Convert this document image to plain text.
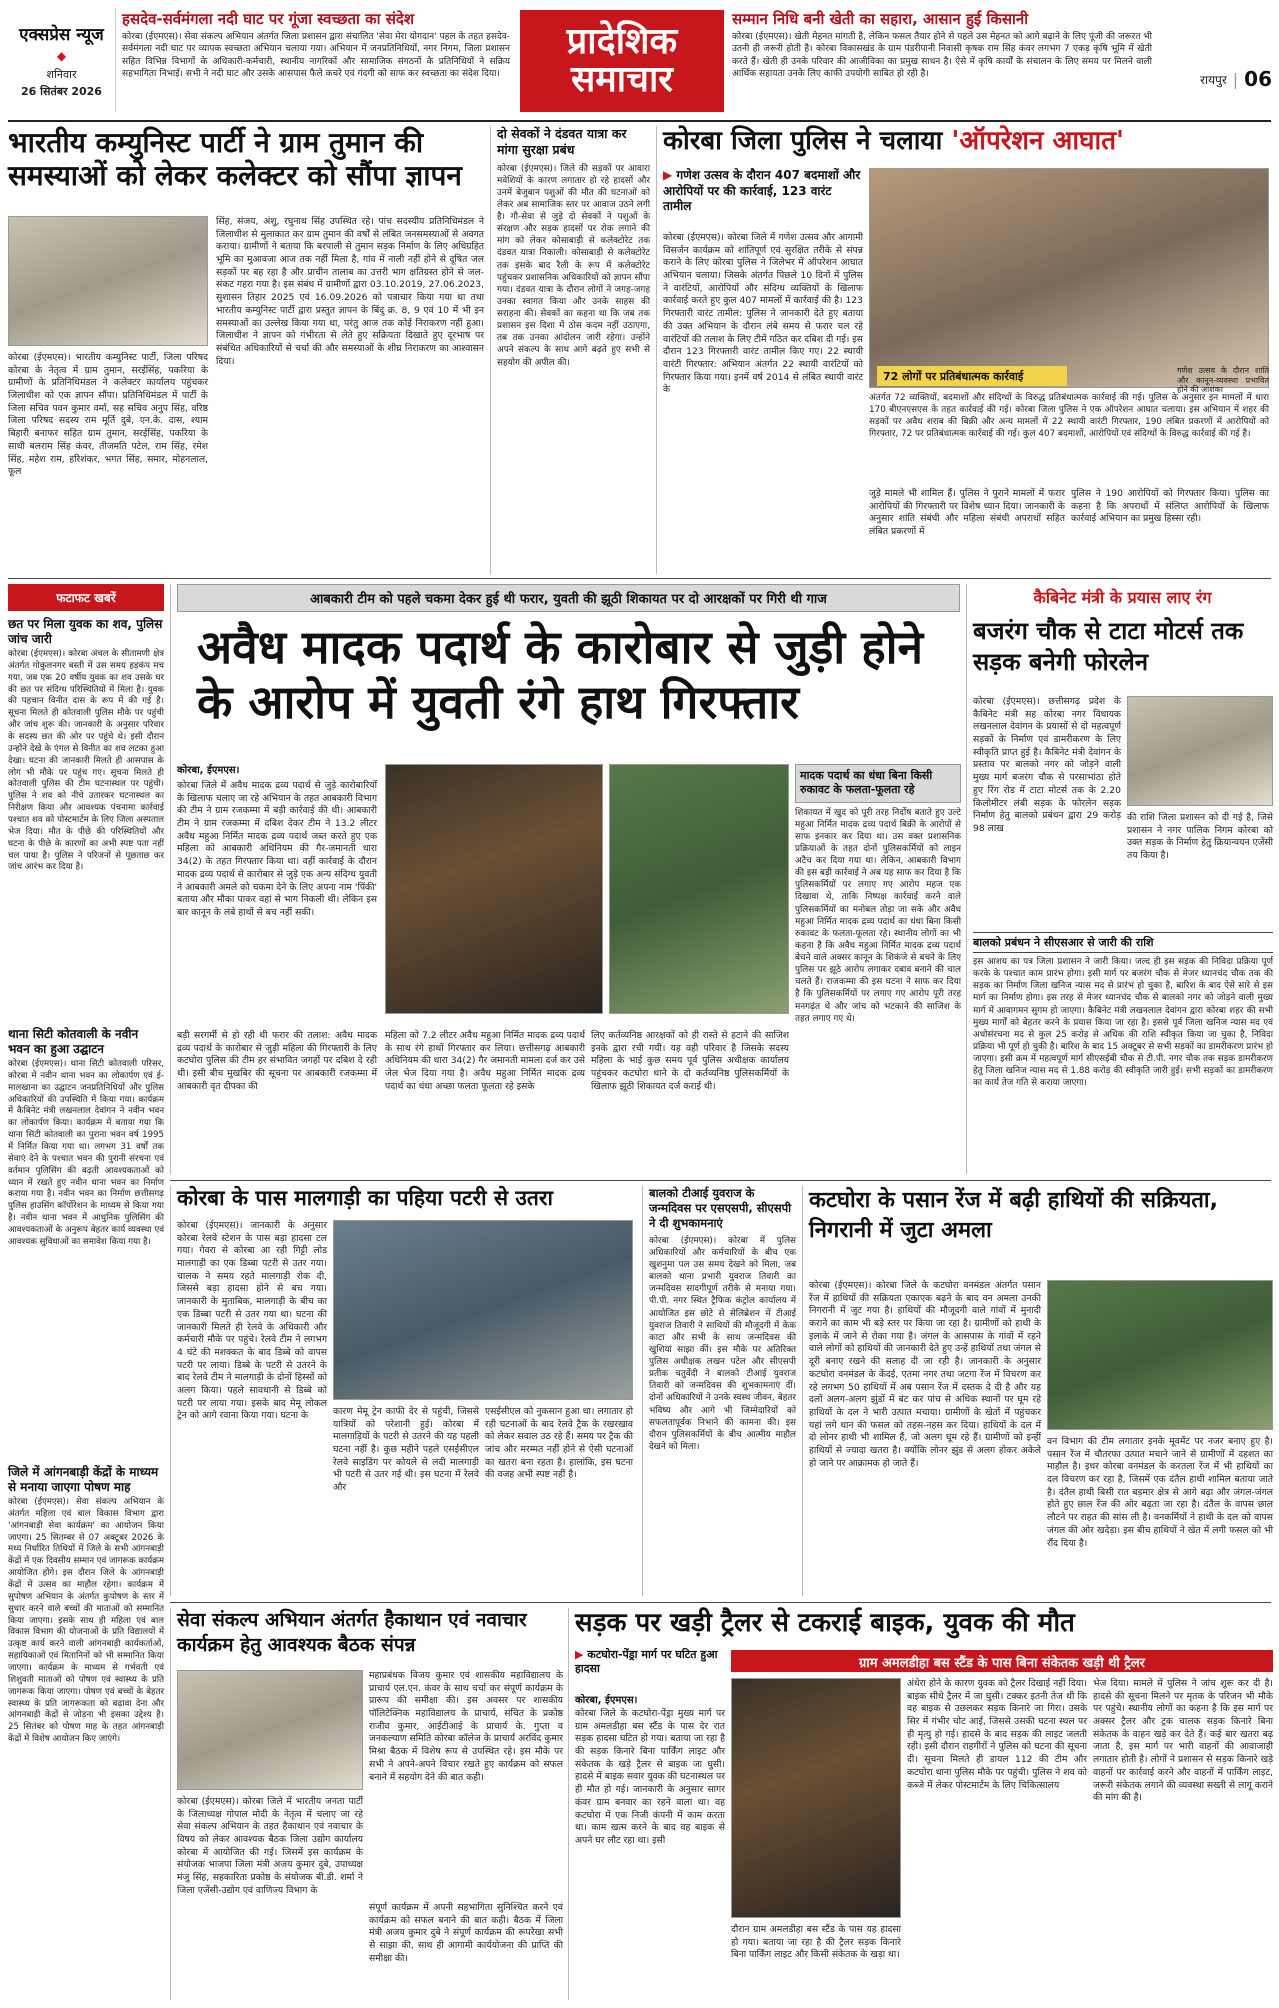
एक्सप्रेस न्यूज
◆
शनिवार
26 सितंबर 2026
हसदेव-सर्वमंगला नदी घाट पर गूंजा स्वच्छता का संदेश
कोरबा (ईएमएस)। सेवा संकल्प अभियान अंतर्गत जिला प्रशासन द्वारा संचालित 'सेवा मेरा योगदान' पहल के तहत हसदेव-सर्वमंगला नदी घाट पर व्यापक स्वच्छता अभियान चलाया गया। अभियान में जनप्रतिनिधियों, नगर निगम, जिला प्रशासन सहित विभिन्न विभागों के अधिकारी-कर्मचारी, स्थानीय नागरिकों और सामाजिक संगठनों के प्रतिनिधियों ने सक्रिय सहभागिता निभाई। सभी ने नदी घाट और उसके आसपास फैले कचरे एवं गंदगी को साफ कर स्वच्छता का संदेश दिया।
प्रादेशिक समाचार
सम्मान निधि बनी खेती का सहारा, आसान हुई किसानी
कोरबा (ईएमएस)। खेती मेहनत मांगती है, लेकिन फसल तैयार होने से पहले उस मेहनत को आगे बढ़ाने के लिए पूंजी की जरूरत भी उतनी ही जरूरी होती है। कोरबा विकासखंड के ग्राम पंडरीपानी निवासी कृषक राम सिंह कंवर लगभग 7 एकड़ कृषि भूमि में खेती करते हैं। खेती ही उनके परिवार की आजीविका का प्रमुख साधन है। ऐसे में कृषि कार्यों के संचालन के लिए समय पर मिलने वाली आर्थिक सहायता उनके लिए काफी उपयोगी साबित हो रही है।	रायपुर | 06
भारतीय कम्युनिस्ट पार्टी ने ग्राम तुमान की समस्याओं को लेकर कलेक्टर को सौंपा ज्ञापन
कोरबा (ईएमएस)। भारतीय कम्युनिस्ट पार्टी, जिला परिषद कोरबा के नेतृत्व में ग्राम तुमान, सरईसिंह, पकरिया के ग्रामीणों के प्रतिनिधिमंडल ने कलेक्टर कार्यालय पहुंचकर जिलाधीश को एक ज्ञापन सौंपा। प्रतिनिधिमंडल में पार्टी के जिला सचिव पवन कुमार वर्मा, सह सचिव अनुप सिंह, वरिष्ठ जिला परिषद सदस्य राम मूर्ति दुबे, एन.के. दास, श्याम बिहारी बनाफर सहित ग्राम तुमान, सरईसिंह, पकरिया के साथी बलराम सिंह कंवर, तीजमति पटेल, राम सिंह, रमेश सिंह, महेश राम, हरिशंकर, भगत सिंह, समार, मोहनलाल, फूल
सिंह, संजय, अंशु, रघुनाथ सिंह उपस्थित रहे। पांच सदस्यीय प्रतिनिधिमंडल ने जिलाधीश से मुलाकात कर ग्राम तुमान की वर्षों से लंबित जनसमस्याओं से अवगत कराया। ग्रामीणों ने बताया कि बरपाली से तुमान सड़क निर्माण के लिए अधिग्रहित भूमि का मुआवजा आज तक नहीं मिला है, गांव में नाली नहीं होने से दूषित जल सड़कों पर बह रहा है और प्राचीन तालाब का उत्तरी भाग क्षतिग्रस्त होने से जल-संकट गहरा गया है। इस संबंध में ग्रामीणों द्वारा 03.10.2019, 27.06.2023, सुशासन तिहार 2025 एवं 16.09.2026 को पत्राचार किया गया था तथा भारतीय कम्युनिस्ट पार्टी द्वारा प्रस्तुत ज्ञापन के बिंदु क्र. 8, 9 एवं 10 में भी इन समस्याओं का उल्लेख किया गया था, परंतु आज तक कोई निराकरण नहीं हुआ। जिलाधीश ने ज्ञापन को गंभीरता से लेते हुए सक्रियता दिखाते हुए दूरभाष पर संबंधित अधिकारियों से चर्चा की और समस्याओं के शीघ्र निराकरण का आश्वासन दिया।
दो सेवकों ने दंडवत यात्रा कर मांगा सुरक्षा प्रबंध
कोरबा (ईएमएस)। जिले की सड़कों पर आवारा मवेशियों के कारण लगातार हो रहे हादसों और उनमें बेजुबान पशुओं की मौत की घटनाओं को लेकर अब सामाजिक स्तर पर आवाज उठने लगी है। गौ-सेवा से जुड़े दो सेवकों ने पशुओं के संरक्षण और सड़क हादसों पर रोक लगाने की मांग को लेकर कोसाबाड़ी से कलेक्टोरेट तक दंडवत यात्रा निकाली। कोसाबाड़ी से कलेक्टोरेट तक इसके बाद रैली के रूप में कलेक्टोरेट पहुंचकर प्रशासनिक अधिकारियों को ज्ञापन सौंपा गया। दंडवत यात्रा के दौरान लोगों ने जगह-जगह उनका स्वागत किया और उनके साहस की सराहना की। सेवकों का कहना था कि जब तक प्रशासन इस दिशा में ठोस कदम नहीं उठाएगा, तब तक उनका आंदोलन जारी रहेगा। उन्होंने अपने संकल्प के साथ आगे बढ़ते हुए सभी से सहयोग की अपील की।
कोरबा जिला पुलिस ने चलाया 'ऑपरेशन आघात'
▶ गणेश उत्सव के दौरान 407 बदमाशों और आरोपियों पर की कार्रवाई, 123 वारंट तामील
कोरबा (ईएमएस)। कोरबा जिले में गणेश उत्सव और आगामी विसर्जन कार्यक्रम को शांतिपूर्ण एवं सुरक्षित तरीके से संपन्न कराने के लिए कोरबा पुलिस ने जिलेभर में ऑपरेशन आघात अभियान चलाया। जिसके अंतर्गत पिछले 10 दिनों में पुलिस ने वारंटियों, आरोपियों और संदिग्ध व्यक्तियों के खिलाफ कार्रवाई करते हुए कुल 407 मामलों में कार्रवाई की है। 123 गिरफ्तारी वारंट तामील: पुलिस ने जानकारी देते हुए बताया की उक्त अभियान के दौरान लंबे समय से फरार चल रहे वारंटियों की तलाश के लिए टीमें गठित कर दबिश दी गई। इस दौरान 123 गिरफ्तारी वारंट तामील किए गए। 22 स्थायी वारंटी गिरफ्तार: अभियान अंतर्गत 22 स्थायी वारंटियों को गिरफ्तार किया गया। इनमें वर्ष 2014 से लंबित स्थायी वारंट के
72 लोगों पर प्रतिबंधात्मक कार्रवाई	गणेश उत्सव के दौरान शांति और कानून-व्यवस्था प्रभावित होने की आशंका
अंतर्गत 72 व्यक्तियों, बदमाशों और संदिग्धों के विरुद्ध प्रतिबंधात्मक कार्रवाई की गई। पुलिस के अनुसार इन मामलों में धारा 170 बीएनएसएस के तहत कार्रवाई की गई। कोरबा जिला पुलिस ने एक ऑपरेशन आघात चलाया। इस अभियान में शहर की सड़कों पर अवैध शराब की बिक्री और अन्य मामलों में 22 स्थायी वारंटी गिरफ्तार, 190 लंबित प्रकरणों में आरोपियों को गिरफ्तार, 72 पर प्रतिबंधात्मक कार्रवाई की गई। कुल 407 बदमाशों, आरोपियों एवं संदिग्धों के विरुद्ध कार्रवाई की गई है।
जुड़े मामले भी शामिल हैं। पुलिस ने पुराने मामलों में फरार आरोपियों की गिरफ्तारी पर विशेष ध्यान दिया। जानकारी के अनुसार शांति संबंधी और महिला संबंधी अपराधों सहित लंबित प्रकरणों में
पुलिस ने 190 आरोपियों को गिरफ्तार किया। पुलिस का कहना है कि अपराधों में संलिप्त आरोपियों के खिलाफ कार्रवाई अभियान का प्रमुख हिस्सा रही।
फटाफट खबरें
छत पर मिला युवक का शव, पुलिस जांच जारी
कोरबा (ईएमएस)। कोरबा अंचल के सीतामणी क्षेत्र अंतर्गत गोकुलनगर बस्ती में उस समय हड़कंप मच गया, जब एक 20 वर्षीय युवक का शव उसके घर की छत पर संदिग्ध परिस्थितियों में मिला है। युवक की पहचान विनीत दास के रूप में की गई है। सूचना मिलते ही कोतवाली पुलिस मौके पर पहुंची और जांच शुरू की। जानकारी के अनुसार परिवार के सदस्य छत की ओर पर पहुंचे थे। इसी दौरान उन्होंने देखे के एंगल से विनीत का शव लटका हुआ देखा। घटना की जानकारी मिलते ही आसपास के लोग भी मौके पर पहुंच गए। सूचना मिलते ही कोतवाली पुलिस की टीम घटनास्थल पर पहुंची। पुलिस ने शव को नीचे उतारकर घटनास्थल का निरीक्षण किया और आवश्यक पंचनामा कार्रवाई पश्चात शव को पोस्टमार्टम के लिए जिला अस्पताल भेज दिया। मौत के पीछे की परिस्थितियों और घटना के पीछे के कारणों का अभी स्पष्ट पता नहीं चल पाया है। पुलिस ने परिजनों से पूछताछ कर जांच आरंभ कर दिया है।
थाना सिटी कोतवाली के नवीन भवन का हुआ उद्घाटन
कोरबा (ईएमएस)। थाना सिटी कोतवाली परिसर, कोरबा में नवीन थाना भवन का लोकार्पण एवं ई-मालखाना का उद्घाटन जनप्रतिनिधियों और पुलिस अधिकारियों की उपस्थिति में किया गया। कार्यक्रम में कैबिनेट मंत्री लखनलाल देवांगन ने नवीन भवन का लोकार्पण किया। कार्यक्रम में बताया गया कि थाना सिटी कोतवाली का पुराना भवन वर्ष 1995 में निर्मित किया गया था। लगभग 31 वर्षों तक सेवाएं देने के पश्चात भवन की पुरानी संरचना एवं वर्तमान पुलिसिंग की बढ़ती आवश्यकताओं को ध्यान में रखते हुए नवीन थाना भवन का निर्माण कराया गया है। नवीन भवन का निर्माण छत्तीसगढ़ पुलिस हाउसिंग कॉर्पोरेशन के माध्यम से किया गया है। नवीन थाना भवन में आधुनिक पुलिसिंग की आवश्यकताओं के अनुरूप बेहतर कार्य व्यवस्था एवं आवश्यक सुविधाओं का समावेश किया गया है।
जिले में आंगनबाड़ी केंद्रों के माध्यम से मनाया जाएगा पोषण माह
कोरबा (ईएमएस)। सेवा संकल्प अभियान के अंतर्गत महिला एवं बाल विकास विभाग द्वारा 'आंगनबाड़ी सेवा कार्यक्रम' का आयोजन किया जाएगा। 25 सितम्बर से 07 अक्टूबर 2026 के मध्य निर्धारित तिथियों में जिले के सभी आंगनबाड़ी केंद्रों में एक दिवसीय सम्मान एवं जागरूक कार्यक्रम आयोजित होंगे। इस दौरान जिले के आंगनबाड़ी केंद्रों में उत्सव का माहौल रहेगा। कार्यक्रम में सुपोषण अभियान के अंतर्गत कुपोषण के स्तर में सुधार करने वाले बच्चों की माताओं को सम्मानित किया जाएगा। इसके साथ ही महिला एवं बाल विकास विभाग की योजनाओं के प्रति विद्यालयों में उत्कृष्ट कार्य करने वाली आंगनबाड़ी कार्यकर्ताओं, सहायिकाओं एवं मितानिनों को भी सम्मानित किया जाएगा। कार्यक्रम के माध्यम से गर्भवती एवं शिशुवती माताओं को पोषण एवं स्वास्थ्य के प्रति जागरूक किया जाएगा। पोषण एवं बच्चों के बेहतर स्वास्थ्य के प्रति जागरूकता को बढ़ावा देना और आंगनबाड़ी केंद्रों से जोड़ना भी इसका उद्देश्य है। 25 सितंबर को पोषण माह के तहत आंगनबाड़ी केंद्रों में विशेष आयोजन किए जाएंगे।
आबकारी टीम को पहले चकमा देकर हुई थी फरार, युवती की झूठी शिकायत पर दो आरक्षकों पर गिरी थी गाज
अवैध मादक पदार्थ के कारोबार से जुड़ी होने के आरोप में युवती रंगे हाथ गिरफ्तार
कोरबा, ईएमएस।
कोरबा जिले में अवैध मादक द्रव्य पदार्थ से जुड़े कारोबारियों के खिलाफ चलाए जा रहे अभियान के तहत आबकारी विभाग की टीम ने ग्राम रजकम्मा में बड़ी कार्रवाई की थी। आबकारी टीम ने ग्राम रजकम्मा में दबिश देकर टीम ने 13.2 लीटर अवैध महुआ निर्मित मादक द्रव्य पदार्थ जब्त करते हुए एक महिला को आबकारी अधिनियम की गैर-जमानती धारा 34(2) के तहत गिरफ्तार किया था। वहीं कार्रवाई के दौरान मादक द्रव्य पदार्थ से कारोबार से जुड़े एक अन्य संदिग्ध युवती ने आबकारी अमले को चकमा देने के लिए अपना नाम 'पिंकी' बताया और मौका पाकर वहां से भाग निकली थी। लेकिन इस बार कानून के लंबे हाथों से बच नहीं सकी।
बड़ी सरगर्मी से हो रही थी फरार की तलाश: अवैध मादक द्रव्य पदार्थ के कारोबार से जुड़ी महिला की गिरफ्तारी के लिए कटघोरा पुलिस की टीम हर संभावित जगहों पर दबिश दे रही थी। इसी बीच मुखबिर की सूचना पर आबकारी रजकम्मा में आबकारी वृत दीपका की
महिला को 7.2 लीटर अवैध महुआ निर्मित मादक द्रव्य पदार्थ के साथ रंगे हाथों गिरफ्तार कर लिया। छत्तीसगढ़ आबकारी अधिनियम की धारा 34(2) गैर जमानती मामला दर्ज कर उसे जेल भेज दिया गया है। अवैध महुआ निर्मित मादक द्रव्य पदार्थ का धंधा अच्छा फलता फूलता रहे इसके
लिए कर्तव्यनिष्ठ आरक्षकों को ही रास्ते से हटाने की साजिश इनके द्वारा रची गयी। यह वही परिवार है जिसके सदस्य महिला के भाई कुछ समय पूर्व पुलिस अधीक्षक कार्यालय पहुंचकर कटघोरा थाने के दो कर्तव्यनिष्ठ पुलिसकर्मियों के खिलाफ झूठी शिकायत दर्ज कराई थी।
मादक पदार्थ का धंधा बिना किसी रुकावट के फलता-फूलता रहे
शिकायत में खुद को पूरी तरह निर्दोष बताते हुए उल्टे महुआ निर्मित मादक द्रव्य पदार्थ बिक्री के आरोपों से साफ इनकार कर दिया था। उस वक्त प्रशासनिक प्रक्रियाओं के तहत दोनों पुलिसकर्मियों को लाइन अटैच कर दिया गया था। लेकिन, आबकारी विभाग की इस बड़ी कार्रवाई ने अब यह साफ कर दिया है कि पुलिसकर्मियों पर लगाए गए आरोप महज एक दिखावा थे, ताकि निष्पक्ष कार्रवाई करने वाले पुलिसकर्मियों का मनोबल तोड़ा जा सके और अवैध महुआ निर्मित मादक द्रव्य पदार्थ का धंधा बिना किसी रुकावट के फलता-फूलता रहे। स्थानीय लोगों का भी कहना है कि अवैध महुआ निर्मित मादक द्रव्य पदार्थ बेचने वाले अक्सर कानून के शिकंजे से बचने के लिए पुलिस पर झूठे आरोप लगाकर दबाव बनाने की चाल चलते हैं। राजकम्मा की इस घटना ने साफ कर दिया है कि पुलिसकर्मियों पर लगाए गए आरोप पूरी तरह मनगढ़ंत थे और जांच को भटकाने की साजिश के तहत लगाए गए थे।
कैबिनेट मंत्री के प्रयास लाए रंग
बजरंग चौक से टाटा मोटर्स तक सड़क बनेगी फोरलेन
कोरबा (ईएमएस)। छत्तीसगढ़ प्रदेश के कैबिनेट मंत्री सह कोरबा नगर विधायक लखनलाल देवांगन के प्रयासों से दो महत्वपूर्ण सड़कों के निर्माण एवं डामरीकरण के लिए स्वीकृति प्राप्त हुई है। कैबिनेट मंत्री देवांगन के प्रस्ताव पर बालको नगर को जोड़ने वाली मुख्य मार्ग बजरंग चौक से परसाभांठा होते हुए रिंग रोड में टाटा मोटर्स तक के 2.20 किलोमीटर लंबी सड़क के फोरलेन सड़क निर्माण हेतु बालको प्रबंधन द्वारा 29 करोड़ 98 लाख
की राशि जिला प्रशासन को दी गई है, जिसे प्रशासन ने नगर पालिक निगम कोरबा को उक्त सड़क के निर्माण हेतु क्रियान्वयन एजेंसी तय किया है।
बालको प्रबंधन ने सीएसआर से जारी की राशि
इस आशय का पत्र जिला प्रशासन ने जारी किया। जल्द ही इस सड़क की निविदा प्रक्रिया पूर्ण करके के पश्चात काम प्रारंभ होगा। इसी मार्ग पर बजरंग चौक से मेजर ध्यानचंद चौक तक की सड़क का निर्माण जिला खनिज न्यास मद से प्रारंभ हो चुका है, बारिश के बाद ऐसे सारे से इस मार्ग का निर्माण होगा। इस तरह से मेजर ध्यानचंद चौक से बालको नगर को जोड़ने वाली मुख्य मार्ग में आवागमन सुगम हो जाएगा। कैबिनेट मंत्री लखनलाल देवांगन द्वारा कोरबा शहर की सभी मुख्य मार्गों को बेहतर करने के प्रयास किया जा रहा है। इससे पूर्व जिला खनिज न्यास मद एवं अधोसंरचना मद से कुल 25 करोड़ से अधिक की राशि स्वीकृत किया जा चुका है, निविदा प्रक्रिया भी पूर्ण हो चुकी है। बारिश के बाद 15 अक्टूबर से सभी सड़कों का डामरीकरण प्रारंभ हो जाएगा। इसी क्रम में महत्वपूर्ण मार्ग सीएसईबी चौक से टी.पी. नगर चौक तक सड़क डामरीकरण हेतु जिला खनिज न्यास मद से 1.88 करोड़ की स्वीकृति जारी हुई। सभी सड़कों का डामरीकरण का कार्य तेज गति से कराया जाएगा।
कोरबा के पास मालगाड़ी का पहिया पटरी से उतरा
कोरबा (ईएमएस)। जानकारी के अनुसार कोरबा रेलवे स्टेशन के पास बड़ा हादसा टल गया। गेवरा से कोरबा आ रही गिट्टी लोड मालगाड़ी का एक डिब्बा पटरी से उतर गया। चालक ने समय रहते मालगाड़ी रोक दी, जिससे बड़ा हादसा होने से बच गया। जानकारी के मुताबिक, मालगाड़ी के बीच का एक डिब्बा पटरी से उतर गया था। घटना की जानकारी मिलते ही रेलवे के अधिकारी और कर्मचारी मौके पर पहुंचे। रेलवे टीम ने लगभग 4 घंटे की मशक्कत के बाद डिब्बे को वापस पटरी पर लाया। डिब्बे के पटरी से उतरने के बाद रेलवे टीम ने मालगाड़ी के दोनों हिस्सों को अलग किया। पहले सावधानी से डिब्बे को पटरी पर लाया गया। इसके बाद मेमू लोकल ट्रेन को आगे रवाना किया गया। घटना के	कारण मेमू ट्रेन काफी देर से पहुंची, जिससे यात्रियों को परेशानी हुई। कोरबा में मालगाड़ियों के पटरी से उतरने की यह पहली घटना नहीं है। कुछ महीने पहले एसईसीएल रेलवे साइडिंग पर कोयले से लदी मालगाड़ी भी पटरी से उतर गई थी। इस घटना में रेलवे और
एसईसीएल को नुकसान हुआ था। लगातार हो रही घटनाओं के बाद रेलवे ट्रैक के रखरखाव को लेकर सवाल उठ रहे हैं। समय पर ट्रैक की जांच और मरम्मत नहीं होने से ऐसी घटनाओं का खतरा बना रहता है। हालांकि, इस घटना की वजह अभी स्पष्ट नहीं है।
बालको टीआई युवराज के जन्मदिवस पर एसएसपी, सीएसपी ने दी शुभकामनाएं
कोरबा (ईएमएस)। कोरबा में पुलिस अधिकारियों और कर्मचारियों के बीच एक खुशनुमा पल उस समय देखने को मिला, जब बालको थाना प्रभारी युवराज तिवारी का जन्मदिवस सादगीपूर्ण तरीके से मनाया गया। पी.पी. नगर स्थित ट्रैफिक कंट्रोल कार्यालय में आयोजित इस छोटे से सेलिब्रेशन में टीआई युवराज तिवारी ने साथियों की मौजूदगी में केक काटा और सभी के साथ जन्मदिवस की खुशियां साझा कीं। इस मौके पर अतिरिक्त पुलिस अधीक्षक लखन पटेल और सीएसपी प्रतीक चतुर्वेदी ने बालको टीआई युवराज तिवारी को जन्मदिवस की शुभकामनाएं दीं। दोनों अधिकारियों ने उनके स्वस्थ जीवन, बेहतर भविष्य और आगे भी जिम्मेदारियों को सफलतापूर्वक निभाने की कामना की। इस दौरान पुलिसकर्मियों के बीच आत्मीय माहौल देखने को मिला।
कटघोरा के पसान रेंज में बढ़ी हाथियों की सक्रियता, निगरानी में जुटा अमला
कोरबा (ईएमएस)। कोरबा जिले के कटघोरा वनमंडल अंतर्गत पसान रेंज में हाथियों की सक्रियता एकाएक बढ़ने के बाद वन अमला उनकी निगरानी में जुट गया है। हाथियों की मौजूदगी वाले गांवों में मुनादी कराने का काम भी बड़े स्तर पर किया जा रहा है। ग्रामीणों को हाथी के इलाके में जाने से रोका गया है। जंगल के आसपास के गांवों में रहने वाले लोगों को हाथियों की जानकारी देते हुए उन्हें हाथियों तथा जंगल से दूरी बनाए रखने की सलाह दी जा रही है। जानकारी के अनुसार कटघोरा वनमंडल के केंदई, एतमा नगर तथा जटगा रेंज में विचरण कर रहे लगभग 50 हाथियों में अब पसान रेंज में दस्तक दे दी है और यह दलों अलग-अलग झुंडों में बंट कर पांच से अधिक स्थानों पर घूम रहे हाथियों के दल ने भारी उत्पात मचाया। ग्रामीणों के खेतों में पहुंचकर यहां लगे धान की फसल को तहस-नहस कर दिया। हाथियों के दल में दो लोनर हाथी भी शामिल हैं, जो अलग घूम रहे हैं। ग्रामीणों को इन्हीं हाथियों से ज्यादा खतरा है। क्योंकि लोनर झुंड से अलग होकर अकेले हो जाने पर आक्रामक हो जाते हैं।
वन विभाग की टीम लगातार इनके मूवमेंट पर नजर बनाए हुए है। पसान रेंज में चौतरफा उत्पात मचाने जाने से ग्रामीणों में दहशत का माहौल है। इधर कोरबा वनमंडल के करतला रेंज में भी हाथियों का दल विचरण कर रहा है, जिसमें एक दंतैल हाथी शामिल बताया जाते है। दंतैल हाथी बिसी रात बड़मार क्षेत्र से आगे बढ़ा और जंगल-जंगल होते हुए छाल रेंज की ओर बढ़ता जा रहा है। दंतैल के वापस छाल लौटने पर राहत की सांस ली है। वनकर्मियों ने हाथी के दल को वापस जंगल की ओर खदेड़ा। इस बीच हाथियों ने खेत में लगी फसल को भी रौंद दिया है।
सेवा संकल्प अभियान अंतर्गत हैकाथान एवं नवाचार कार्यक्रम हेतु आवश्यक बैठक संपन्न
कोरबा (ईएमएस)। कोरबा जिले में भारतीय जनता पार्टी के जिलाध्यक्ष गोपाल मोदी के नेतृत्व में चलाए जा रहे सेवा संकल्प अभियान के तहत हैकाथान एवं नवाचार के विषय को लेकर आवश्यक बैठक जिला उद्योग कार्यालय कोरबा में आयोजित की गई। जिसमें इस कार्यक्रम के संयोजक भाजपा जिला मंत्री अजय कुमार दुबे, उपाध्यक्ष मंजु सिंह, सहकारिता प्रकोष्ठ के संयोजक बी.डी. शर्मा ने जिला एजेंसी-उद्योग एवं वाणिज्य विभाग के
महाप्रबंधक विजय कुमार एवं शासकीय महाविद्यालय के प्राचार्य एल.एन. कंवर के साथ चर्चा कर संपूर्ण कार्यक्रम के प्रारूप की समीक्षा की। इस अवसर पर शासकीय पॉलिटेक्निक महाविद्यालय के प्राचार्य, संचित के प्रकोष्ठ राजीव कुमार, आईटीआई के प्राचार्य के. गुप्ता व जनकल्याण समिति कोरबा कॉलेज के प्राचार्य अरविंद कुमार मिश्रा बैठक में विशेष रूप से उपस्थित रहे। इस मौके पर सभी ने अपने-अपने विचार रखते हुए कार्यक्रम को सफल बनाने में सहयोग देने की बात कही।
संपूर्ण कार्यक्रम में अपनी सहभागिता सुनिश्चित करने एवं कार्यक्रम को सफल बनाने की बात कही। बैठक में जिला मंत्री अजय कुमार दुबे ने संपूर्ण कार्यक्रम की रूपरेखा सभी से साझा की, साथ ही आगामी कार्ययोजना की प्राप्ति की समीक्षा की।
सड़क पर खड़ी ट्रैलर से टकराई बाइक, युवक की मौत
▶ कटघोरा-पेंड्रा मार्ग पर घटित हुआ हादसा	ग्राम अमलडीहा बस स्टैंड के पास बिना संकेतक खड़ी थी ट्रैलर
कोरबा, ईएमएस।
कोरबा जिले के कटघोरा-पेंड्रा मुख्य मार्ग पर ग्राम अमलडीहा बस स्टैंड के पास देर रात सड़क हादसा घटित हो गया। बताया जा रहा है की सड़क किनारे बिना पार्किंग लाइट और संकेतक के खड़े ट्रैलर से बाइक जा घुसी। हादसे में बाइक सवार युवक की घटनास्थल पर ही मौत हो गई। जानकारी के अनुसार सागर कंवर ग्राम बनवार का रहने वाला था। वह कटघोरा में एक निजी कंपनी में काम करता था। काम खत्म करने के बाद वह बाइक से अपने घर लौट रहा था। इसी
दौरान ग्राम अमलडीहा बस स्टैंड के पास यह हादसा हो गया। बताया जा रहा है की ट्रैलर सड़क किनारे बिना पार्किंग लाइट और किसी संकेतक के खड़ा था।
अंधेरा होने के कारण युवक को ट्रैलर दिखाई नहीं दिया। बाइक सीधे ट्रैलर में जा घुसी। टक्कर इतनी तेज थी कि वह बाइक से उछलकर सड़क किनारे जा गिरा। उसके सिर में गंभीर चोट आई, जिससे उसकी घटना स्थल पर ही मृत्यु हो गई। हादसे के बाद सड़क की लाइट जलती रही। इसी दौरान राहगीरों ने पुलिस को घटना की सूचना दी। सूचना मिलते ही डायल 112 की टीम और कटघोरा थाना पुलिस मौके पर पहुंची। पुलिस ने शव को कब्जे में लेकर पोस्टमार्टम के लिए चिकित्सालय
भेज दिया। मामले में पुलिस ने जांच शुरू कर दी है। हादसे की सूचना मिलने पर मृतक के परिजन भी मौके पर पहुंचे। स्थानीय लोगों का कहना है कि इस मार्ग पर अक्सर ट्रैलर और ट्रक चालक सड़क किनारे बिना संकेतक के वाहन खड़े कर देते हैं। कई बार खतरा बढ़ जाता है, इस मार्ग पर भारी वाहनों की आवाजाही लगातार होती है। लोगों ने प्रशासन से सड़क किनारे खड़े वाहनों पर कार्रवाई करने और वाहनों में पार्किंग लाइट, जरूरी संकेतक लगाने की व्यवस्था सख्ती से लागू कराने की मांग की है।
